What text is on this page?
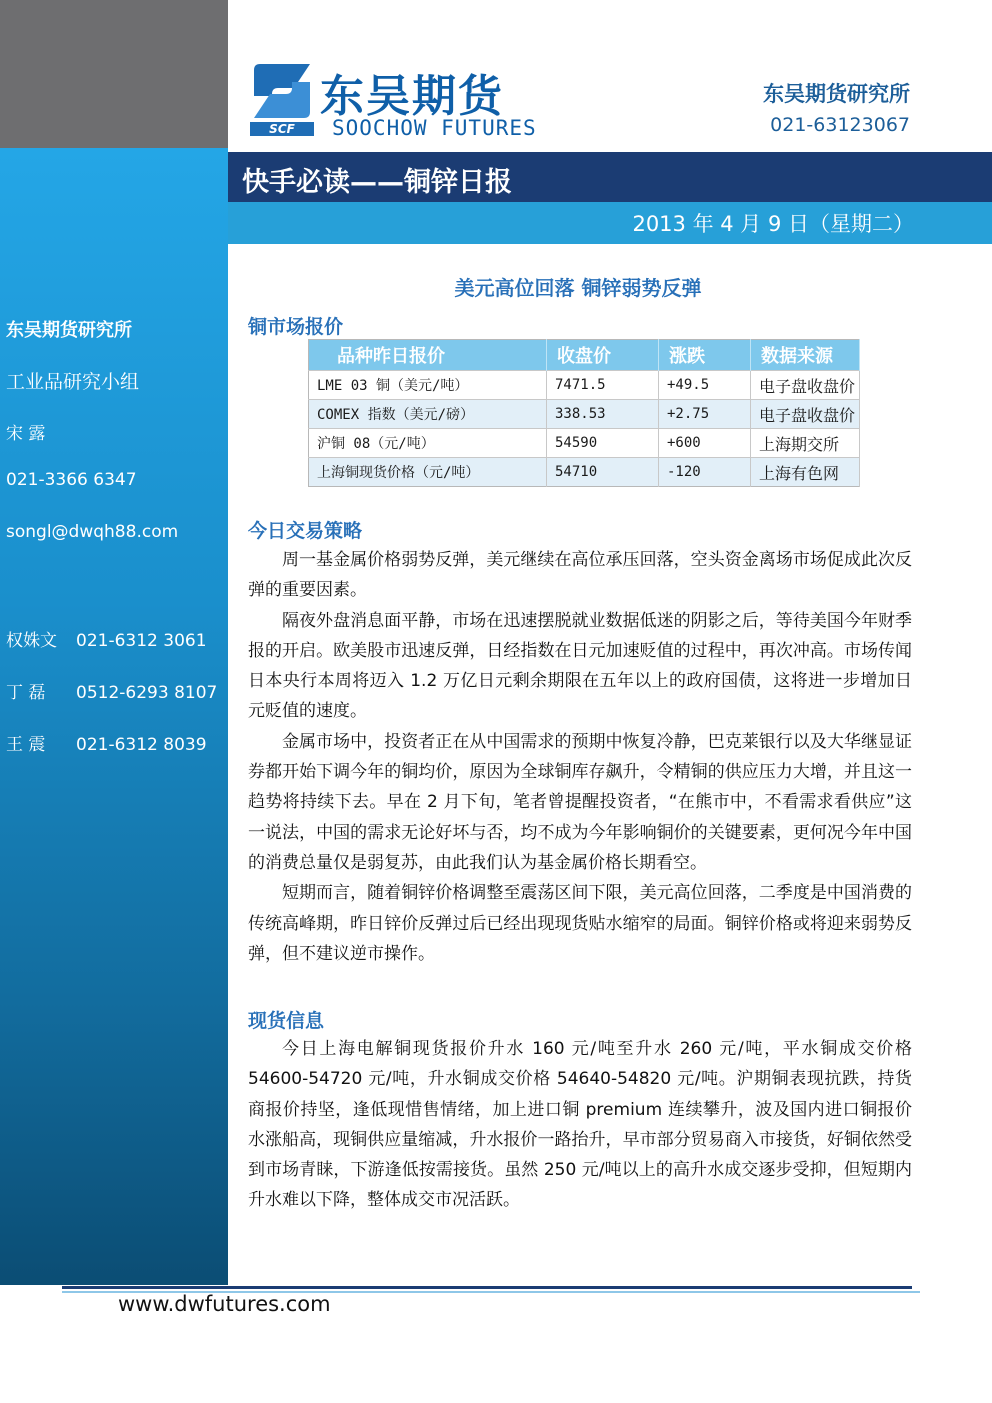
东吴期货研究所
工业品研究小组
宋 露
021-3366 6347
songl@dwqh88.com
权姝文 021-6312 3061
丁 磊 0512-6293 8107
王 震 021-6312 8039
SCF
东吴期货
SOOCHOW FUTURES
东吴期货研究所
021-63123067
快手必读——铜锌日报
2013 年 4 月 9 日（星期二）
美元高位回落 铜锌弱势反弹
铜市场报价
品种昨日报价	收盘价	涨跌	数据来源
LME 03 铜（美元/吨）	7471.5	+49.5	电子盘收盘价
COMEX 指数（美元/磅）	338.53	+2.75	电子盘收盘价
沪铜 08（元/吨）	54590	+600	上海期交所
上海铜现货价格（元/吨）	54710	-120	上海有色网
今日交易策略

周一基金属价格弱势反弹，美元继续在高位承压回落，空头资金离场市场促成此次反弹的重要因素。

隔夜外盘消息面平静，市场在迅速摆脱就业数据低迷的阴影之后，等待美国今年财季报的开启。欧美股市迅速反弹，日经指数在日元加速贬值的过程中，再次冲高。市场传闻日本央行本周将迈入 1.2 万亿日元剩余期限在五年以上的政府国债，这将进一步增加日元贬值的速度。

金属市场中，投资者正在从中国需求的预期中恢复冷静，巴克莱银行以及大华继显证券都开始下调今年的铜均价，原因为全球铜库存飙升，令精铜的供应压力大增，并且这一趋势将持续下去。早在 2 月下旬，笔者曾提醒投资者，“在熊市中，不看需求看供应”这一说法，中国的需求无论好坏与否，均不成为今年影响铜价的关键要素，更何况今年中国的消费总量仅是弱复苏，由此我们认为基金属价格长期看空。

短期而言，随着铜锌价格调整至震荡区间下限，美元高位回落，二季度是中国消费的传统高峰期，昨日锌价反弹过后已经出现现货贴水缩窄的局面。铜锌价格或将迎来弱势反弹，但不建议逆市操作。

现货信息

今日上海电解铜现货报价升水 160 元/吨至升水 260 元/吨，平水铜成交价格 54600-54720 元/吨，升水铜成交价格 54640-54820 元/吨。沪期铜表现抗跌，持货商报价持坚，逢低现惜售情绪，加上进口铜 premium 连续攀升，波及国内进口铜报价水涨船高，现铜供应量缩减，升水报价一路抬升，早市部分贸易商入市接货，好铜依然受到市场青睐，下游逢低按需接货。虽然 250 元/吨以上的高升水成交逐步受抑，但短期内升水难以下降，整体成交市况活跃。

www.dwfutures.com
